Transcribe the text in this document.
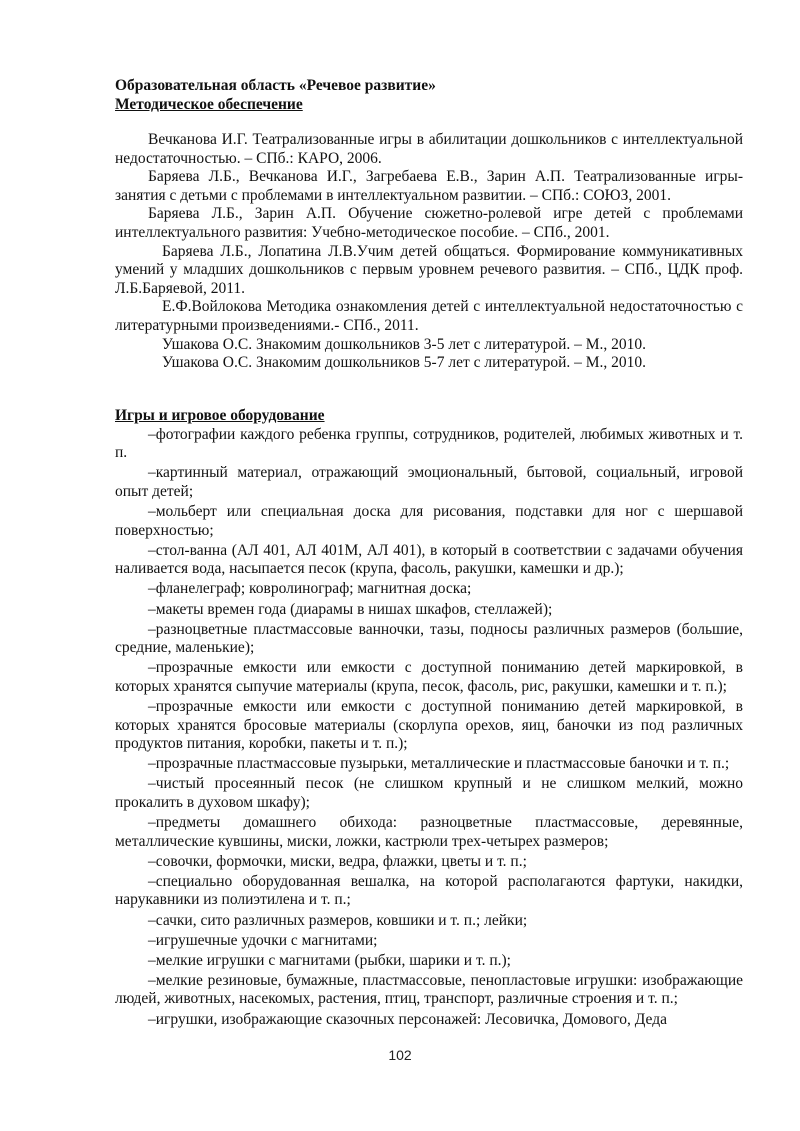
Образовательная область «Речевое развитие»

Методическое обеспечение

Вечканова И.Г. Театрализованные игры в абилитации дошкольников с интеллектуальной недостаточностью. – СПб.: КАРО, 2006.
Баряева Л.Б., Вечканова И.Г., Загребаева Е.В., Зарин А.П. Театрализованные игры-занятия с детьми с проблемами в интеллектуальном развитии. – СПб.: СОЮЗ, 2001.
Баряева Л.Б., Зарин А.П. Обучение сюжетно-ролевой игре детей с проблемами интеллектуального развития: Учебно-методическое пособие. – СПб., 2001.
Баряева Л.Б., Лопатина Л.В.Учим детей общаться. Формирование коммуникативных умений у младших дошкольников с первым уровнем речевого развития. – СПб., ЦДК проф. Л.Б.Баряевой, 2011.
Е.Ф.Войлокова Методика ознакомления детей с интеллектуальной недостаточностью с литературными произведениями.- СПб., 2011.
Ушакова О.С. Знакомим дошкольников 3-5 лет с литературой. – М., 2010.
Ушакова О.С. Знакомим дошкольников 5-7 лет с литературой. – М., 2010.

Игры и игровое оборудование

–фотографии каждого ребенка группы, сотрудников, родителей, любимых животных и т. п.
–картинный материал, отражающий эмоциональный, бытовой, социальный, игровой опыт детей;
–мольберт или специальная доска для рисования, подставки для ног с шершавой поверхностью;
–стол-ванна (АЛ 401, АЛ 401М, АЛ 401), в который в соответствии с задачами обучения наливается вода, насыпается песок (крупа, фасоль, ракушки, камешки и др.);
–фланелеграф; ковролинограф; магнитная доска;
–макеты времен года (диарамы в нишах шкафов, стеллажей);
–разноцветные пластмассовые ванночки, тазы, подносы различных размеров (большие, средние, маленькие);
–прозрачные емкости или емкости с доступной пониманию детей маркировкой, в которых хранятся сыпучие материалы (крупа, песок, фасоль, рис, ракушки, камешки и т. п.);
–прозрачные емкости или емкости с доступной пониманию детей маркировкой, в которых хранятся бросовые материалы (скорлупа орехов, яиц, баночки из под различных продуктов питания, коробки, пакеты и т. п.);
–прозрачные пластмассовые пузырьки, металлические и пластмассовые баночки и т. п.;
–чистый просеянный песок (не слишком крупный и не слишком мелкий, можно прокалить в духовом шкафу);
–предметы домашнего обихода: разноцветные пластмассовые, деревянные, металлические кувшины, миски, ложки, кастрюли трех-четырех размеров;
–совочки, формочки, миски, ведра, флажки, цветы и т. п.;
–специально оборудованная вешалка, на которой располагаются фартуки, накидки, нарукавники из полиэтилена и т. п.;
–сачки, сито различных размеров, ковшики и т. п.; лейки;
–игрушечные удочки с магнитами;
–мелкие игрушки с магнитами (рыбки, шарики и т. п.);
–мелкие резиновые, бумажные, пластмассовые, пенопластовые игрушки: изображающие людей, животных, насекомых, растения, птиц, транспорт, различные строения и т. п.;
–игрушки, изображающие сказочных персонажей: Лесовичка, Домового, Деда
102
